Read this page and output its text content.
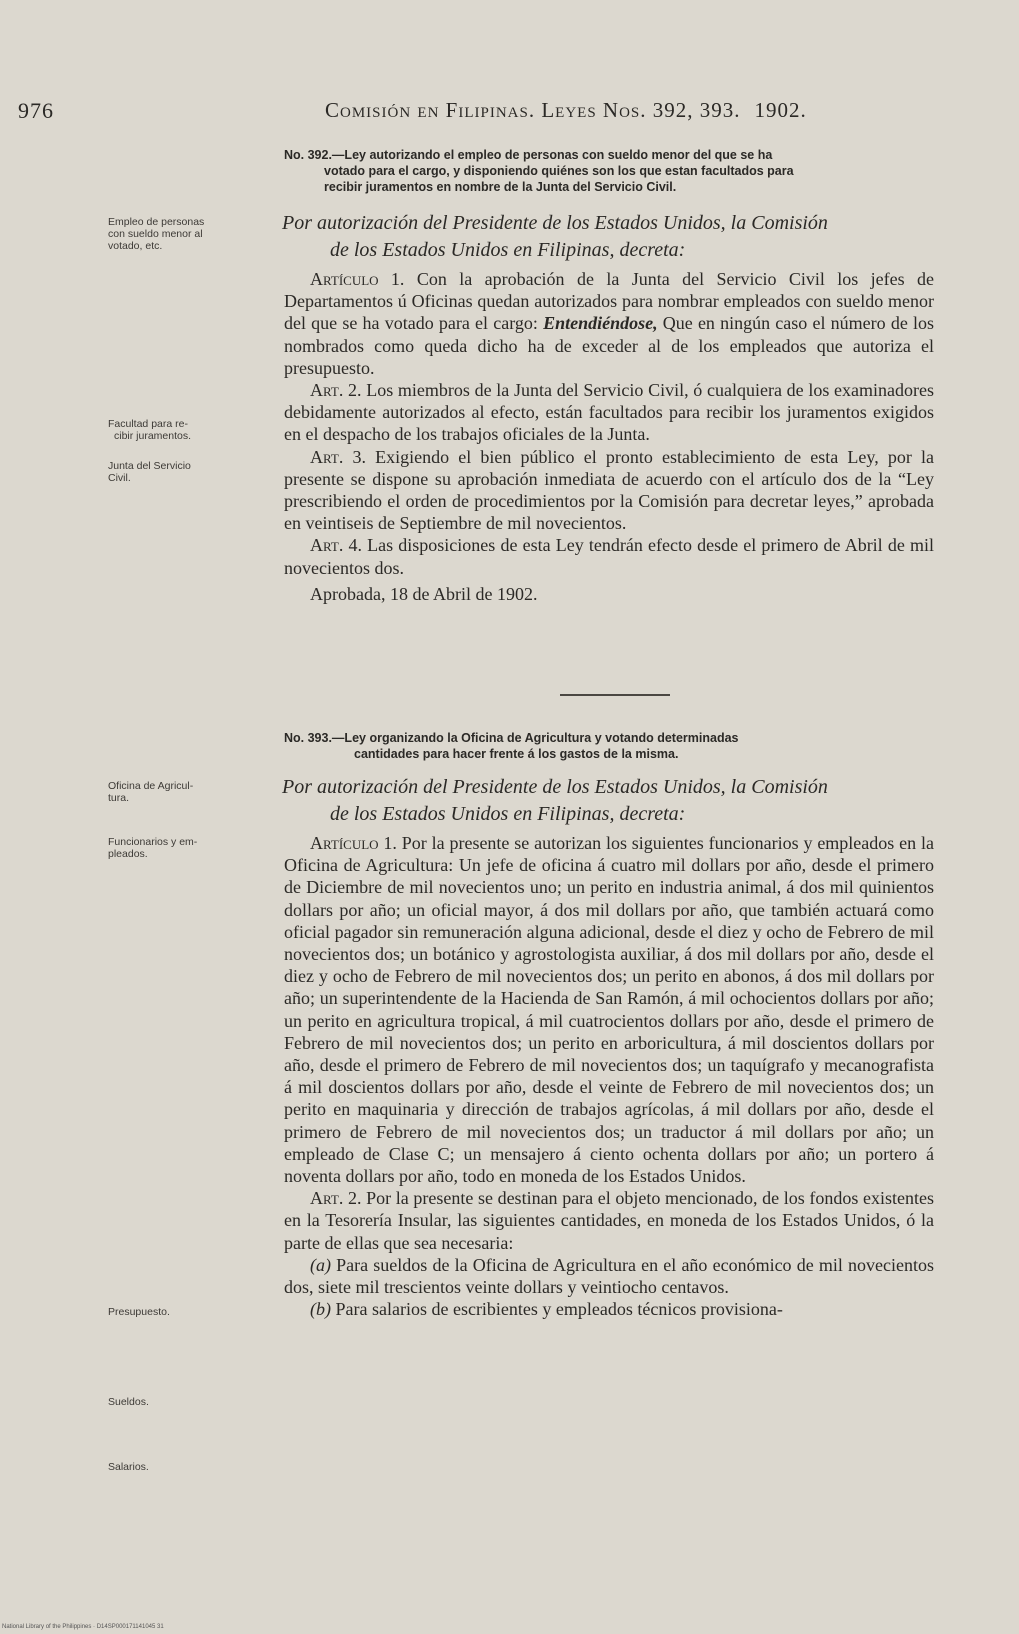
976	Comisión en Filipinas. Leyes Nos. 392, 393. 1902.
No. 392.—Ley autorizando el empleo de personas con sueldo menor del que se ha
votado para el cargo, y disponiendo quiénes son los que estan facultados para
recibir juramentos en nombre de la Junta del Servicio Civil.
Empleo de personas
con sueldo menor al
votado, etc.
Por autorización del Presidente de los Estados Unidos, la Comisión
de los Estados Unidos en Filipinas, decreta:

Artículo 1. Con la aprobación de la Junta del Servicio Civil los jefes de Departamentos ú Oficinas quedan autorizados para nombrar empleados con sueldo menor del que se ha votado para el cargo: Entendiéndose, Que en ningún caso el número de los nombrados como queda dicho ha de exceder al de los empleados que autoriza el presupuesto.

Art. 2. Los miembros de la Junta del Servicio Civil, ó cualquiera de los examinadores debidamente autorizados al efecto, están facultados para recibir los juramentos exigidos en el despacho de los trabajos oficiales de la Junta.

Art. 3. Exigiendo el bien público el pronto establecimiento de esta Ley, por la presente se dispone su aprobación inmediata de acuerdo con el artículo dos de la “Ley prescribiendo el orden de procedimientos por la Comisión para decretar leyes,” aprobada en veintiseis de Septiembre de mil novecientos.

Art. 4. Las disposiciones de esta Ley tendrán efecto desde el primero de Abril de mil novecientos dos.

Aprobada, 18 de Abril de 1902.

Facultad para re-

cibir juramentos.
Junta del Servicio
Civil.
No. 393.—Ley organizando la Oficina de Agricultura y votando determinadas
cantidades para hacer frente á los gastos de la misma.
Oficina de Agricul-
tura.	Por autorización del Presidente de los Estados Unidos, la Comisión
de los Estados Unidos en Filipinas, decreta:
Funcionarios y em-
pleados.

Artículo 1. Por la presente se autorizan los siguientes funcionarios y empleados en la Oficina de Agricultura: Un jefe de oficina á cuatro mil dollars por año, desde el primero de Diciembre de mil novecientos uno; un perito en industria animal, á dos mil quinientos dollars por año; un oficial mayor, á dos mil dollars por año, que también actuará como oficial pagador sin remuneración alguna adicional, desde el diez y ocho de Febrero de mil novecientos dos; un botánico y agrostologista auxiliar, á dos mil dollars por año, desde el diez y ocho de Febrero de mil novecientos dos; un perito en abonos, á dos mil dollars por año; un superintendente de la Hacienda de San Ramón, á mil ochocientos dollars por año; un perito en agricultura tropical, á mil cuatrocientos dollars por año, desde el primero de Febrero de mil novecientos dos; un perito en arboricultura, á mil doscientos dollars por año, desde el primero de Febrero de mil novecientos dos; un taquígrafo y mecanografista á mil doscientos dollars por año, desde el veinte de Febrero de mil novecientos dos; un perito en maquinaria y dirección de trabajos agrícolas, á mil dollars por año, desde el primero de Febrero de mil novecientos dos; un traductor á mil dollars por año; un empleado de Clase C; un mensajero á ciento ochenta dollars por año; un portero á noventa dollars por año, todo en moneda de los Estados Unidos.

Art. 2. Por la presente se destinan para el objeto mencionado, de los fondos existentes en la Tesorería Insular, las siguientes cantidades, en moneda de los Estados Unidos, ó la parte de ellas que sea necesaria:

(a) Para sueldos de la Oficina de Agricultura en el año económico de mil novecientos dos, siete mil trescientos veinte dollars y veintiocho centavos.

(b) Para salarios de escribientes y empleados técnicos provisiona-

Presupuesto.
Sueldos.
Salarios.
National Library of the Philippines · D14SP000171141045 31
